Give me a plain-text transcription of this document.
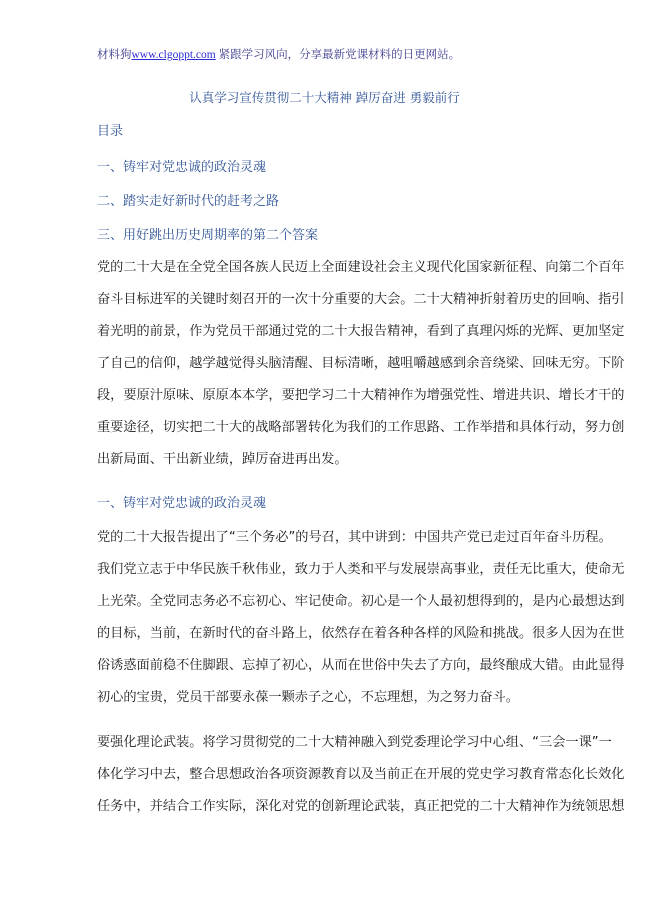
材料狗www.clgoppt.com 紧跟学习风向，分享最新党课材料的日更网站。
认真学习宣传贯彻二十大精神 踔厉奋进 勇毅前行
目录
一、铸牢对党忠诚的政治灵魂
二、踏实走好新时代的赶考之路
三、用好跳出历史周期率的第二个答案
党的二十大是在全党全国各族人民迈上全面建设社会主义现代化国家新征程、向第二个百年
奋斗目标进军的关键时刻召开的一次十分重要的大会。二十大精神折射着历史的回响、指引
着光明的前景，作为党员干部通过党的二十大报告精神，看到了真理闪烁的光辉、更加坚定
了自己的信仰，越学越觉得头脑清醒、目标清晰，越咀嚼越感到余音绕梁、回味无穷。下阶
段，要原汁原味、原原本本学，要把学习二十大精神作为增强党性、增进共识、增长才干的
重要途径，切实把二十大的战略部署转化为我们的工作思路、工作举措和具体行动，努力创
出新局面、干出新业绩，踔厉奋进再出发。
一、铸牢对党忠诚的政治灵魂
党的二十大报告提出了“三个务必”的号召，其中讲到：中国共产党已走过百年奋斗历程。
我们党立志于中华民族千秋伟业，致力于人类和平与发展崇高事业，责任无比重大，使命无
上光荣。全党同志务必不忘初心、牢记使命。初心是一个人最初想得到的，是内心最想达到
的目标，当前，在新时代的奋斗路上，依然存在着各种各样的风险和挑战。很多人因为在世
俗诱惑面前稳不住脚跟、忘掉了初心，从而在世俗中失去了方向，最终酿成大错。由此显得
初心的宝贵，党员干部要永葆一颗赤子之心，不忘理想，为之努力奋斗。
要强化理论武装。将学习贯彻党的二十大精神融入到党委理论学习中心组、“三会一课”一
体化学习中去，整合思想政治各项资源教育以及当前正在开展的党史学习教育常态化长效化
任务中，并结合工作实际，深化对党的创新理论武装，真正把党的二十大精神作为统领思想
